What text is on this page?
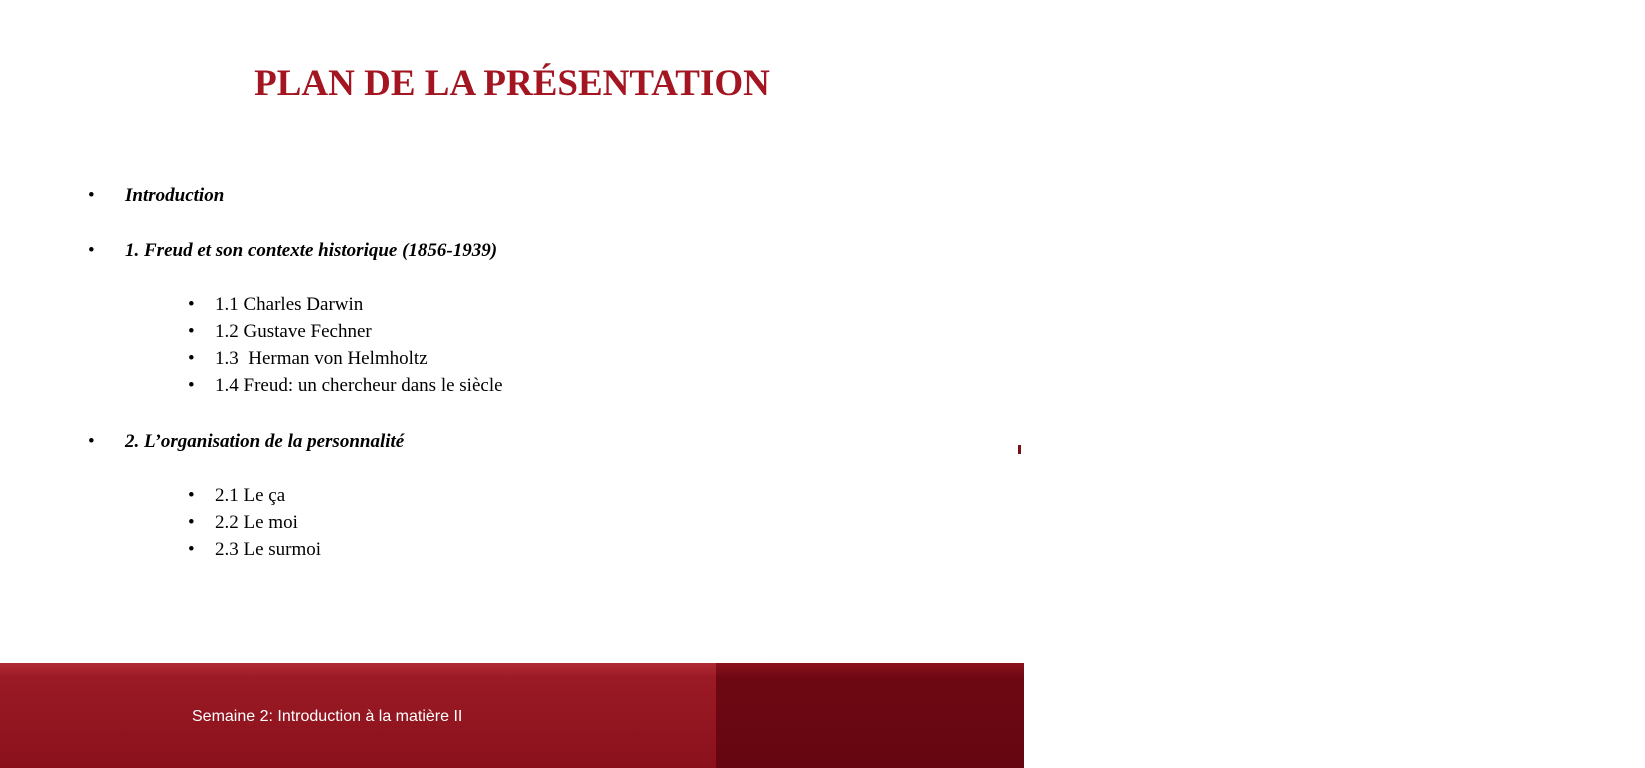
PLAN DE LA PRÉSENTATION
• Introduction
• 1. Freud et son contexte historique (1856-1939)
• 1.1 Charles Darwin
• 1.2 Gustave Fechner
• 1.3  Herman von Helmholtz
• 1.4 Freud: un chercheur dans le siècle
• 2. L’organisation de la personnalité
• 2.1 Le ça
• 2.2 Le moi
• 2.3 Le surmoi
Semaine 2: Introduction à la matière II	uOttawa
